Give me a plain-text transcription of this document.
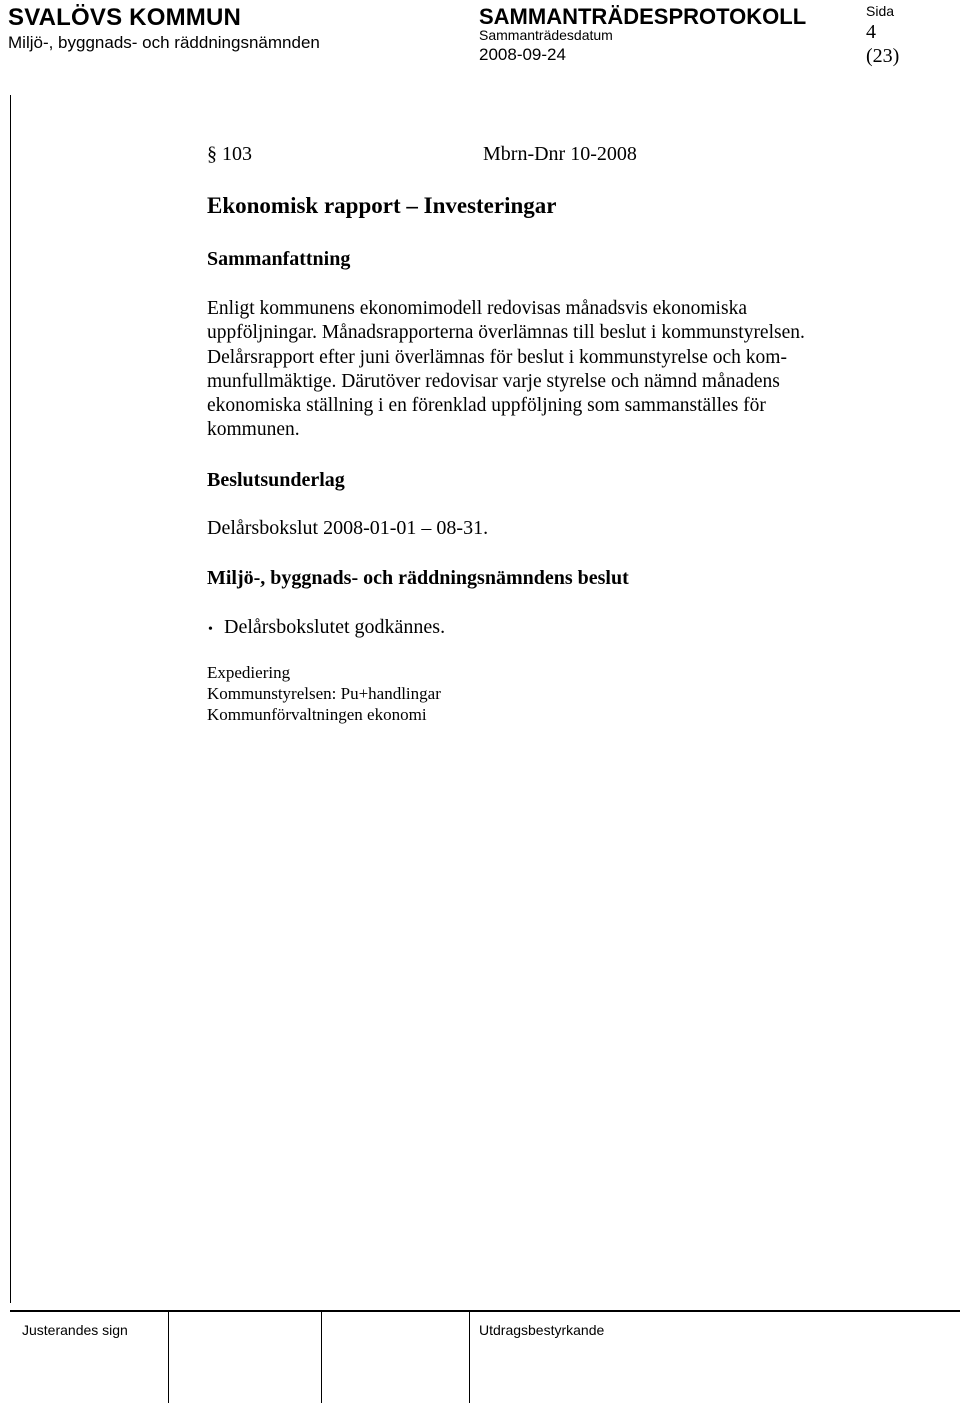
SVALÖVS KOMMUN
Miljö-, byggnads- och räddningsnämnden
SAMMANTRÄDESPROTOKOLL
Sammanträdesdatum
2008-09-24
Sida
4
(23)
§ 103	Mbrn-Dnr 10-2008
Ekonomisk rapport – Investeringar
Sammanfattning
Enligt kommunens ekonomimodell redovisas månadsvis ekonomiska
uppföljningar. Månadsrapporterna överlämnas till beslut i kommunstyrelsen.
Delårsrapport efter juni överlämnas för beslut i kommunstyrelse och kom-
munfullmäktige. Därutöver redovisar varje styrelse och nämnd månadens
ekonomiska ställning i en förenklad uppföljning som sammanställes för
kommunen.
Beslutsunderlag
Delårsbokslut 2008-01-01 – 08-31.
Miljö-, byggnads- och räddningsnämndens beslut
• Delårsbokslutet godkännes.
Expediering
Kommunstyrelsen: Pu+handlingar
Kommunförvaltningen ekonomi
Justerandes sign	Utdragsbestyrkande
